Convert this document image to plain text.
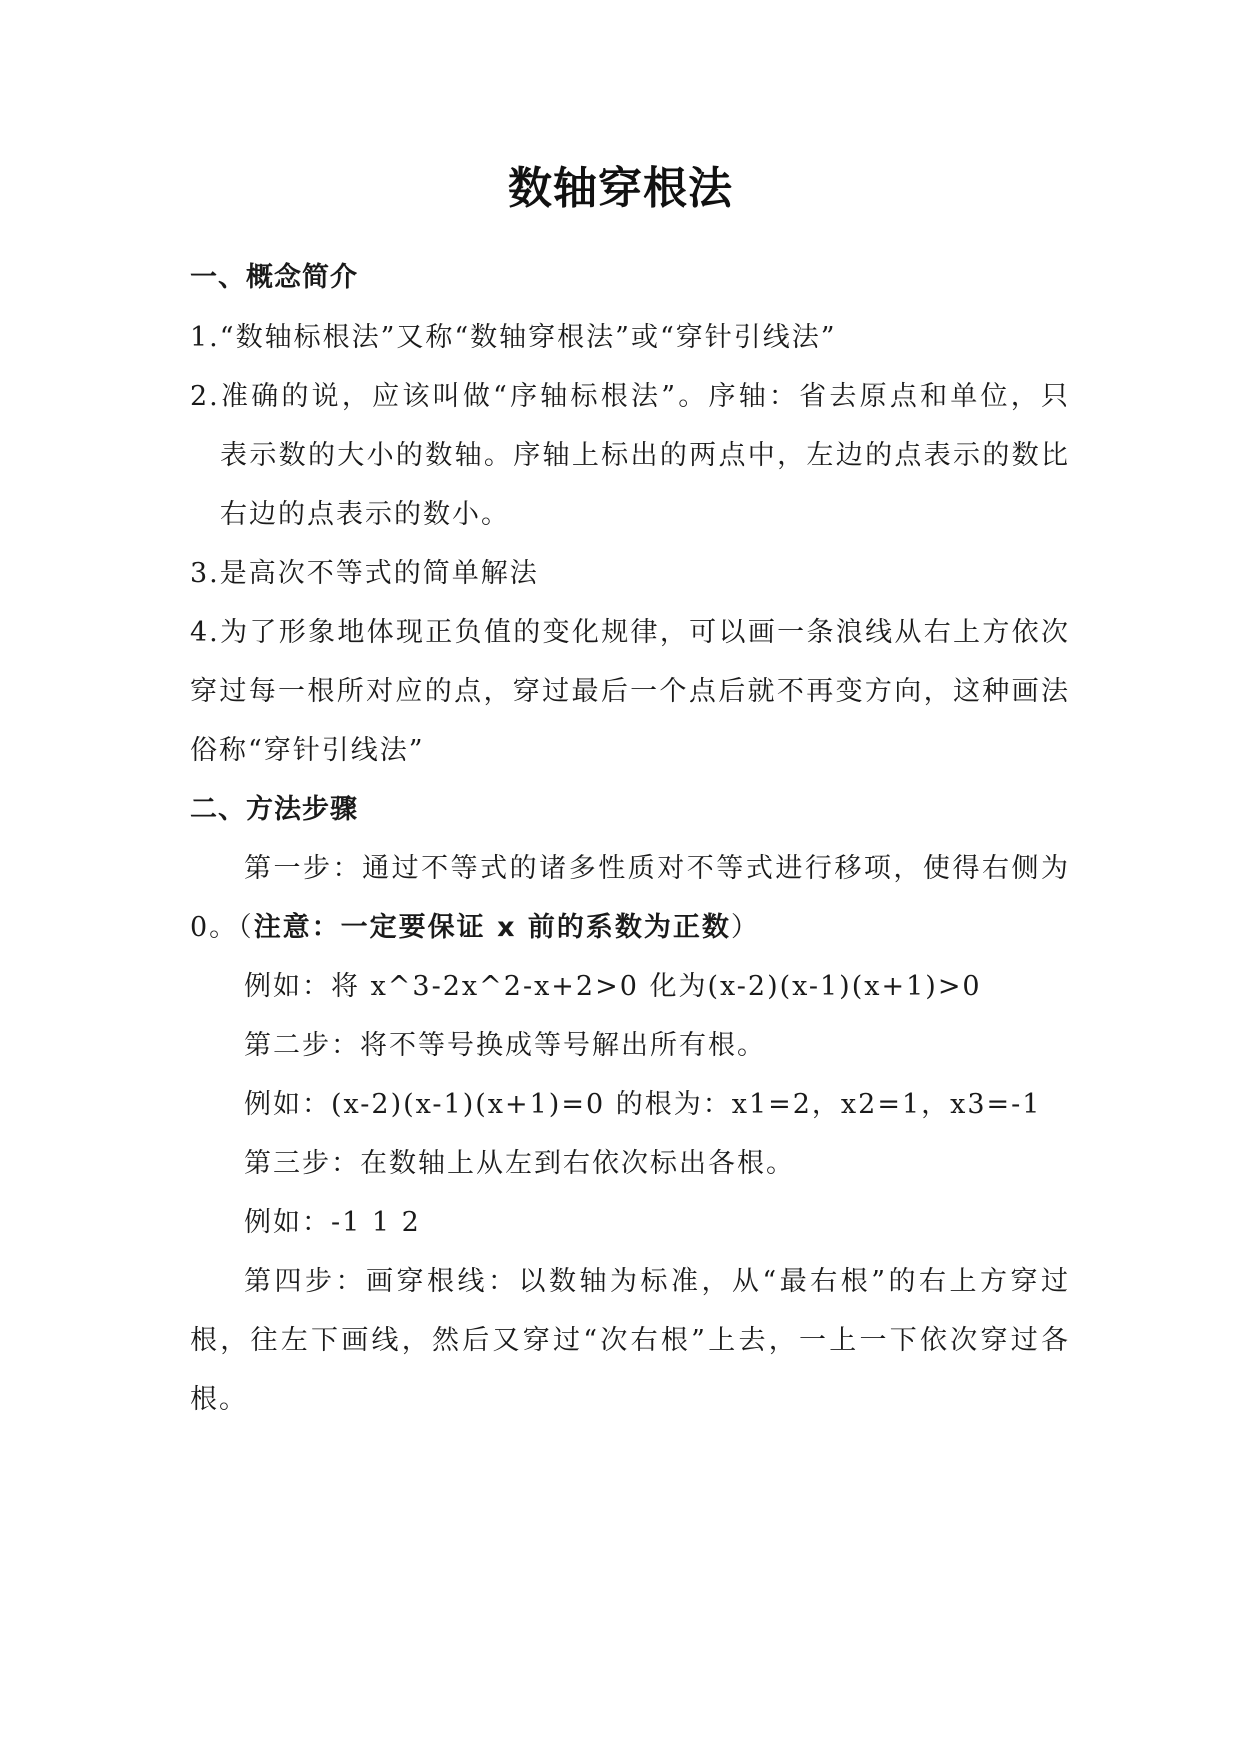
数轴穿根法
一、概念简介
1.“数轴标根法”又称“数轴穿根法”或“穿针引线法”
2.准确的说，应该叫做“序轴标根法”。序轴：省去原点和单位，只
表示数的大小的数轴。序轴上标出的两点中，左边的点表示的数比
右边的点表示的数小。
3.是高次不等式的简单解法
4.为了形象地体现正负值的变化规律，可以画一条浪线从右上方依次
穿过每一根所对应的点，穿过最后一个点后就不再变方向，这种画法
俗称“穿针引线法”
二、方法步骤
第一步：通过不等式的诸多性质对不等式进行移项，使得右侧为
0。（注意：一定要保证 x 前的系数为正数）
例如：将 x^3-2x^2-x+2>0 化为(x-2)(x-1)(x+1)>0
第二步：将不等号换成等号解出所有根。
例如：(x-2)(x-1)(x+1)=0 的根为：x1=2，x2=1，x3=-1
第三步：在数轴上从左到右依次标出各根。
例如：-1 1 2
第四步：画穿根线：以数轴为标准，从“最右根”的右上方穿过
根，往左下画线，然后又穿过“次右根”上去，一上一下依次穿过各
根。
